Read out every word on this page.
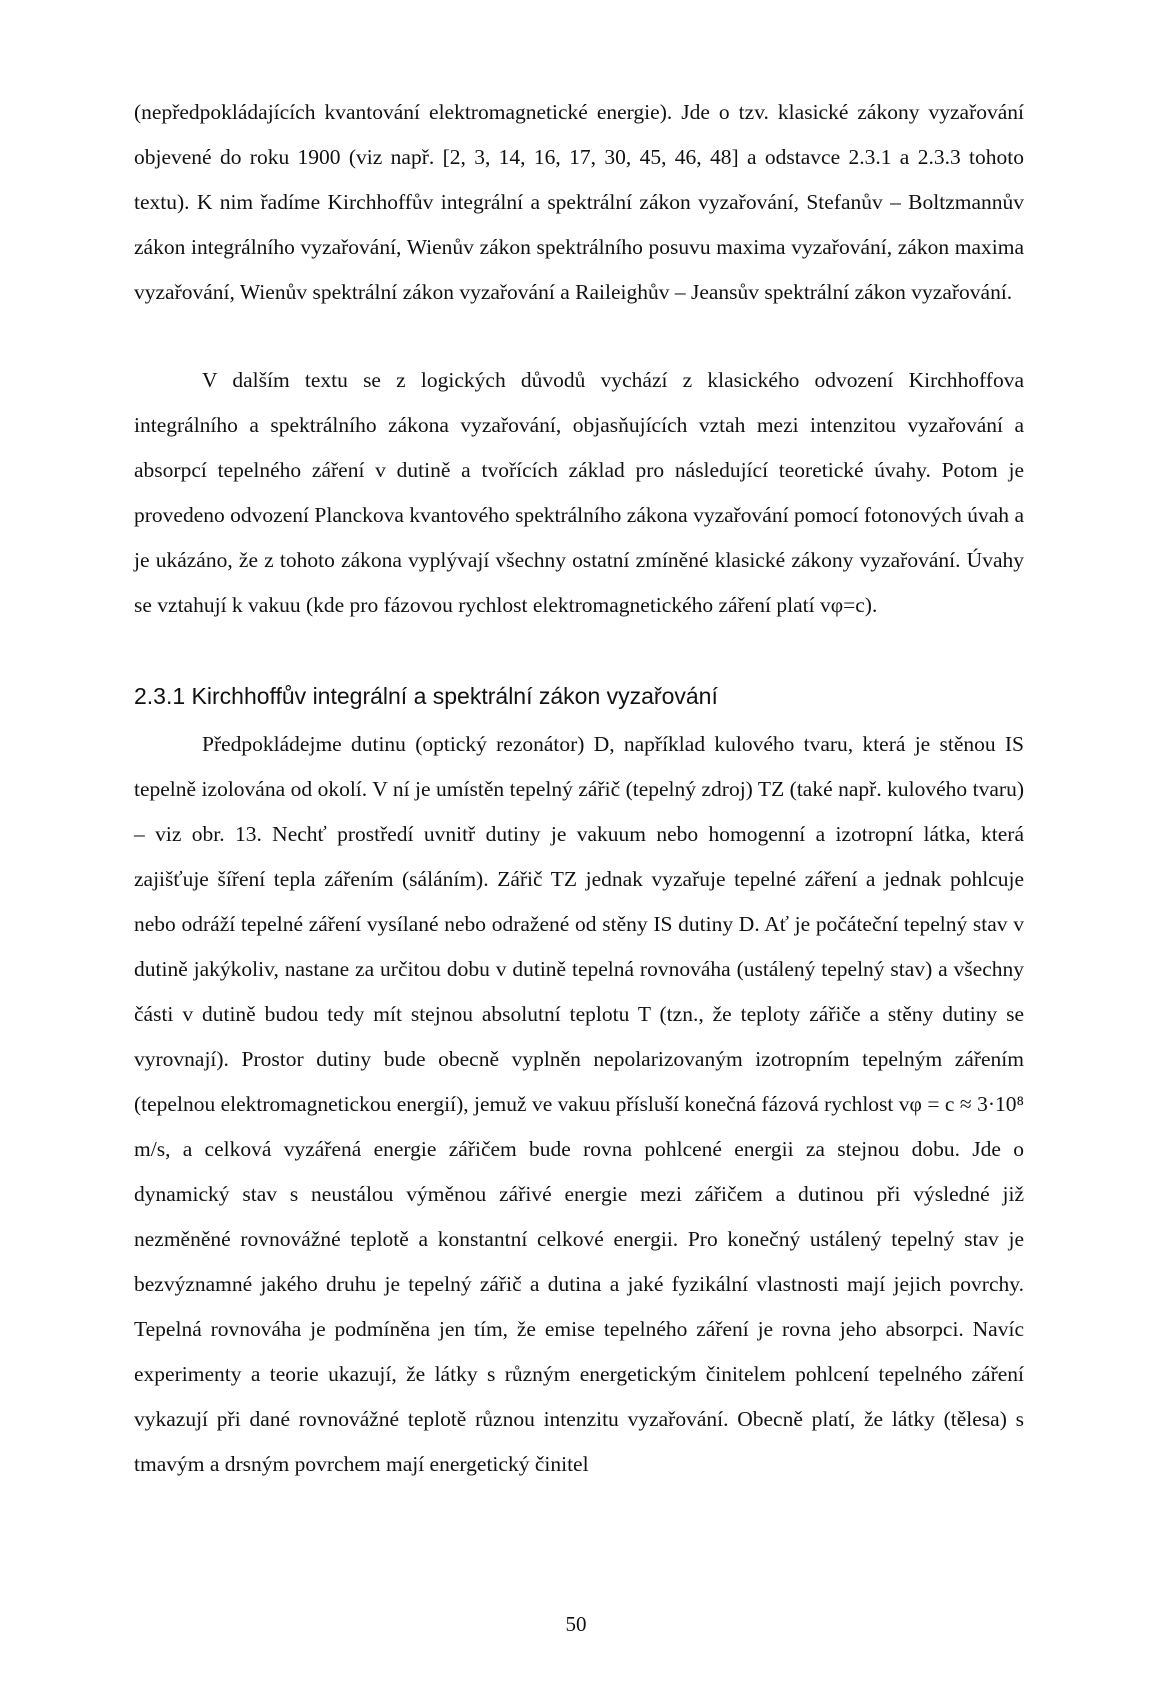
(nepředpokládajících kvantování elektromagnetické energie). Jde o tzv. klasické zákony vyzařování objevené do roku 1900 (viz např. [2, 3, 14, 16, 17, 30, 45, 46, 48] a odstavce 2.3.1 a 2.3.3 tohoto textu). K nim řadíme Kirchhoffův integrální a spektrální zákon vyzařování, Stefanův – Boltzmannův zákon integrálního vyzařování, Wienův zákon spektrálního posuvu maxima vyzařování, zákon maxima vyzařování, Wienův spektrální zákon vyzařování a Raileighův – Jeansův spektrální zákon vyzařování.

V dalším textu se z logických důvodů vychází z klasického odvození Kirchhoffova integrálního a spektrálního zákona vyzařování, objasňujících vztah mezi intenzitou vyzařování a absorpcí tepelného záření v dutině a tvořících základ pro následující teoretické úvahy. Potom je provedeno odvození Planckova kvantového spektrálního zákona vyzařování pomocí fotonových úvah a je ukázáno, že z tohoto zákona vyplývají všechny ostatní zmíněné klasické zákony vyzařování. Úvahy se vztahují k vakuu (kde pro fázovou rychlost elektromagnetického záření platí vφ=c).

2.3.1 Kirchhoffův integrální a spektrální zákon vyzařování

Předpokládejme dutinu (optický rezonátor) D, například kulového tvaru, která je stěnou IS tepelně izolována od okolí. V ní je umístěn tepelný zářič (tepelný zdroj) TZ (také např. kulového tvaru) – viz obr. 13. Nechť prostředí uvnitř dutiny je vakuum nebo homogenní a izotropní látka, která zajišťuje šíření tepla zářením (sáláním). Zářič TZ jednak vyzařuje tepelné záření a jednak pohlcuje nebo odráží tepelné záření vysílané nebo odražené od stěny IS dutiny D. Ať je počáteční tepelný stav v dutině jakýkoliv, nastane za určitou dobu v dutině tepelná rovnováha (ustálený tepelný stav) a všechny části v dutině budou tedy mít stejnou absolutní teplotu T (tzn., že teploty zářiče a stěny dutiny se vyrovnají). Prostor dutiny bude obecně vyplněn nepolarizovaným izotropním tepelným zářením (tepelnou elektromagnetickou energií), jemuž ve vakuu přísluší konečná fázová rychlost vφ = c ≈ 3·10⁸ m/s, a celková vyzářená energie zářičem bude rovna pohlcené energii za stejnou dobu. Jde o dynamický stav s neustálou výměnou zářivé energie mezi zářičem a dutinou při výsledné již nezměněné rovnovážné teplotě a konstantní celkové energii. Pro konečný ustálený tepelný stav je bezvýznamné jakého druhu je tepelný zářič a dutina a jaké fyzikální vlastnosti mají jejich povrchy. Tepelná rovnováha je podmíněna jen tím, že emise tepelného záření je rovna jeho absorpci. Navíc experimenty a teorie ukazují, že látky s různým energetickým činitelem pohlcení tepelného záření vykazují při dané rovnovážné teplotě různou intenzitu vyzařování. Obecně platí, že látky (tělesa) s tmavým a drsným povrchem mají energetický činitel

50
